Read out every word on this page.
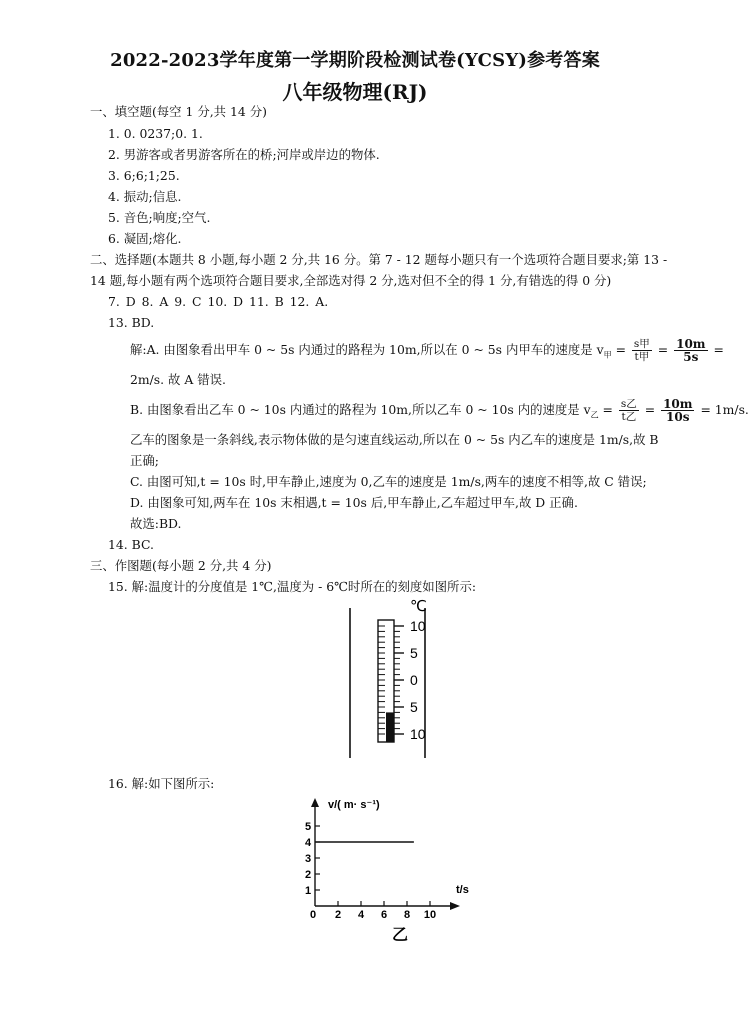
2022-2023学年度第一学期阶段检测试卷(YCSY)参考答案
八年级物理(RJ)
一、填空题(每空 1 分,共 14 分)
1. 0. 0237;0. 1.
2. 男游客或者男游客所在的桥;河岸或岸边的物体.
3. 6;6;1;25.
4. 振动;信息.
5. 音色;响度;空气.
6. 凝固;熔化.
二、选择题(本题共 8 小题,每小题 2 分,共 16 分。第 7 - 12 题每小题只有一个选项符合题目要求;第 13 -
14 题,每小题有两个选项符合题目要求,全部选对得 2 分,选对但不全的得 1 分,有错选的得 0 分)
7. D 8. A 9. C 10. D 11. B 12. A.
13. BD.
解:A. 由图象看出甲车 0 ~ 5s 内通过的路程为 10m,所以在 0 ~ 5s 内甲车的速度是 $v_甲 = \frac{\text{s甲}}{\text{t甲}} = \frac{10m}{5s}$ =
2m/s. 故 A 错误.
B. 由图象看出乙车 0 ~ 10s 内通过的路程为 10m,所以乙车 0 ~ 10s 内的速度是 $v_乙 = \frac{\text{s乙}}{\text{t乙}} = \frac{10m}{10s} = 1m/s$.
乙车的图象是一条斜线,表示物体做的是匀速直线运动,所以在 0 ~ 5s 内乙车的速度是 1m/s,故 B
正确;
C. 由图可知,t = 10s 时,甲车静止,速度为 0,乙车的速度是 1m/s,两车的速度不相等,故 C 错误;
D. 由图象可知,两车在 10s 末相遇,t = 10s 后,甲车静止,乙车超过甲车,故 D 正确.
故选:BD.
14. BC.
三、作图题(每小题 2 分,共 4 分)
15. 解:温度计的分度值是 1℃,温度为 - 6℃时所在的刻度如图所示:
℃
10
5
0
5
10
16. 解:如下图所示:
v/( m· s⁻¹)
t/s
0
1
2
3
4
5
2 4 6 8 10
乙
